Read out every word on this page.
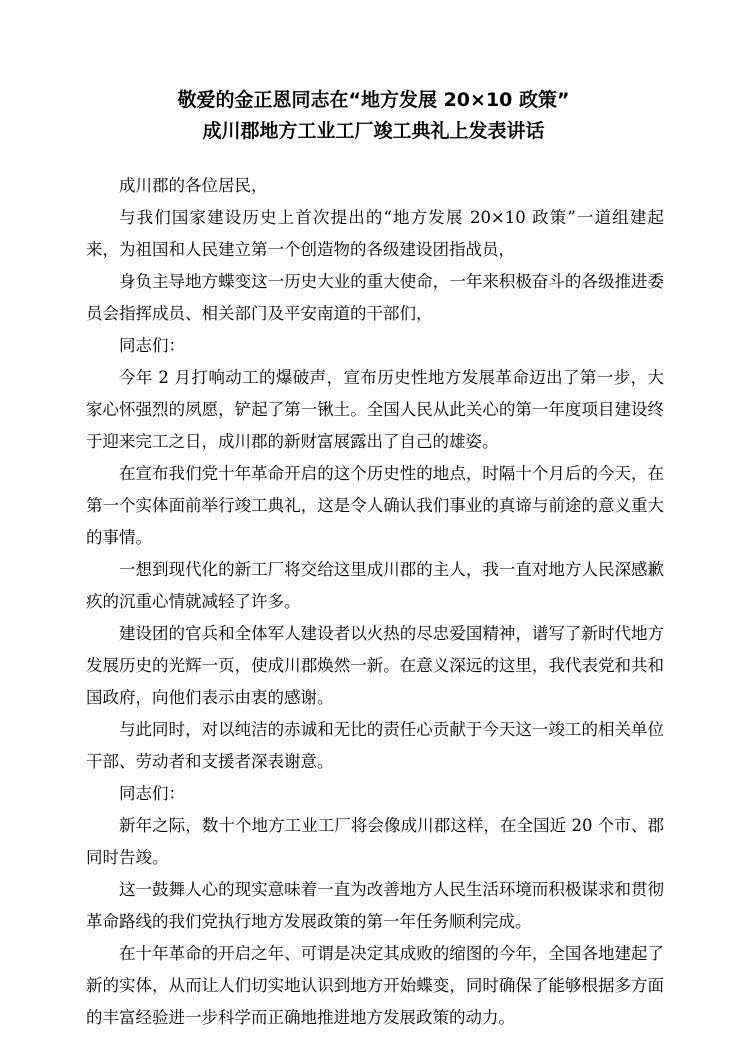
敬爱的金正恩同志在“地方发展 20×10 政策”
成川郡地方工业工厂竣工典礼上发表讲话

成川郡的各位居民，

与我们国家建设历史上首次提出的“地方发展 20×10 政策”一道组建起来，为祖国和人民建立第一个创造物的各级建设团指战员，

身负主导地方蝶变这一历史大业的重大使命，一年来积极奋斗的各级推进委员会指挥成员、相关部门及平安南道的干部们，

同志们：

今年 2 月打响动工的爆破声，宣布历史性地方发展革命迈出了第一步，大家心怀强烈的夙愿，铲起了第一锹土。全国人民从此关心的第一年度项目建设终于迎来完工之日，成川郡的新财富展露出了自己的雄姿。

在宣布我们党十年革命开启的这个历史性的地点，时隔十个月后的今天，在第一个实体面前举行竣工典礼，这是令人确认我们事业的真谛与前途的意义重大的事情。

一想到现代化的新工厂将交给这里成川郡的主人，我一直对地方人民深感歉疚的沉重心情就减轻了许多。

建设团的官兵和全体军人建设者以火热的尽忠爱国精神，谱写了新时代地方发展历史的光辉一页，使成川郡焕然一新。在意义深远的这里，我代表党和共和国政府，向他们表示由衷的感谢。

与此同时，对以纯洁的赤诚和无比的责任心贡献于今天这一竣工的相关单位干部、劳动者和支援者深表谢意。

同志们：

新年之际，数十个地方工业工厂将会像成川郡这样，在全国近 20 个市、郡同时告竣。

这一鼓舞人心的现实意味着一直为改善地方人民生活环境而积极谋求和贯彻革命路线的我们党执行地方发展政策的第一年任务顺利完成。

在十年革命的开启之年、可谓是决定其成败的缩图的今年，全国各地建起了新的实体，从而让人们切实地认识到地方开始蝶变，同时确保了能够根据多方面的丰富经验进一步科学而正确地推进地方发展政策的动力。
